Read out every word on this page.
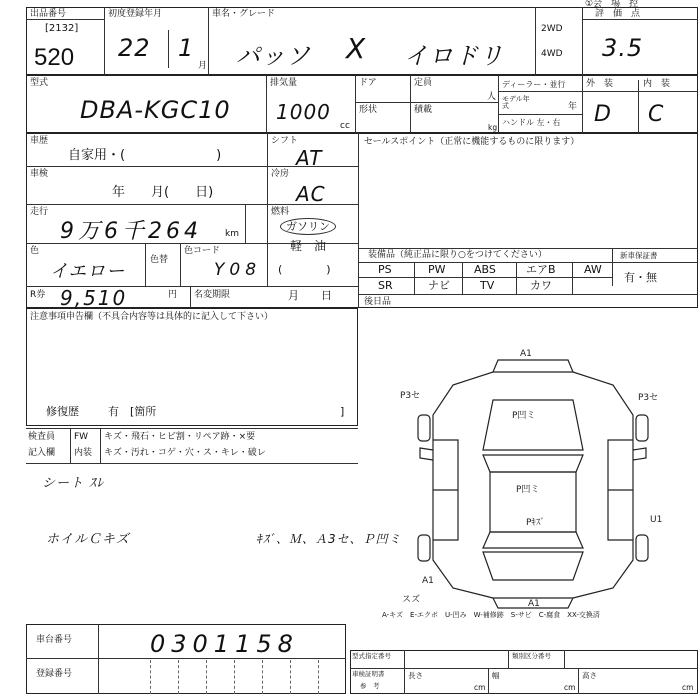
①会　場　控
出品番号
[2132]
520
初度登録年月
22 1
月
車名・グレード
パッソ X イロドリ
2WD
4WD
評　価　点
3.5
型式
DBA-KGC10
排気量
1000
cc
ドア
形状
定員
人
積載
kg
ディーラー・並行
モデル年式	年
ハンドル 左・右
外　装	内　装
D C
車歴
自家用・(　　　　　　　)
シフト
AT
車検
年　　月(　　日)
冷房
AC
走行
9万6千264	km
燃料
ガソリン
軽　油
(　　　　)
色
イエロー
色替
色コード
Y08
R券 9,510	円 名変期限	月　　日
セールスポイント（正常に機能するものに限ります）
装備品（純正品に限り○をつけてください）	新車保証書
有・無
PS	PW	ABS	エアB	AW
SR	ナビ	TV	カワ
後日品
注意事項申告欄（不具合内容等は具体的に記入して下さい）
修復歴	有　[箇所	]
検査員
記入欄
FW キズ・飛石・ヒビ割・リペア跡・×要
内装 キズ・汚れ・コゲ・穴・ス・キレ・破レ
シート ｽﾚ
ホイルＣキズ	ｷｽﾞ、Ｍ、Ａ3セ、Ｐ凹ミ
A1
P3セ	P3セ
P凹ミ
P凹ミ
Pｷｽﾞ	U1
A1
スズ	A1
A-キズ　E-エクボ　U-凹み　W-補修跡　S-サビ　C-腐食　XX-交換済
車台番号	0301158
登録番号
型式指定番号	類別区分番号
車検証明書
参　考
長さ
cm
幅
cm
高さ
cm
